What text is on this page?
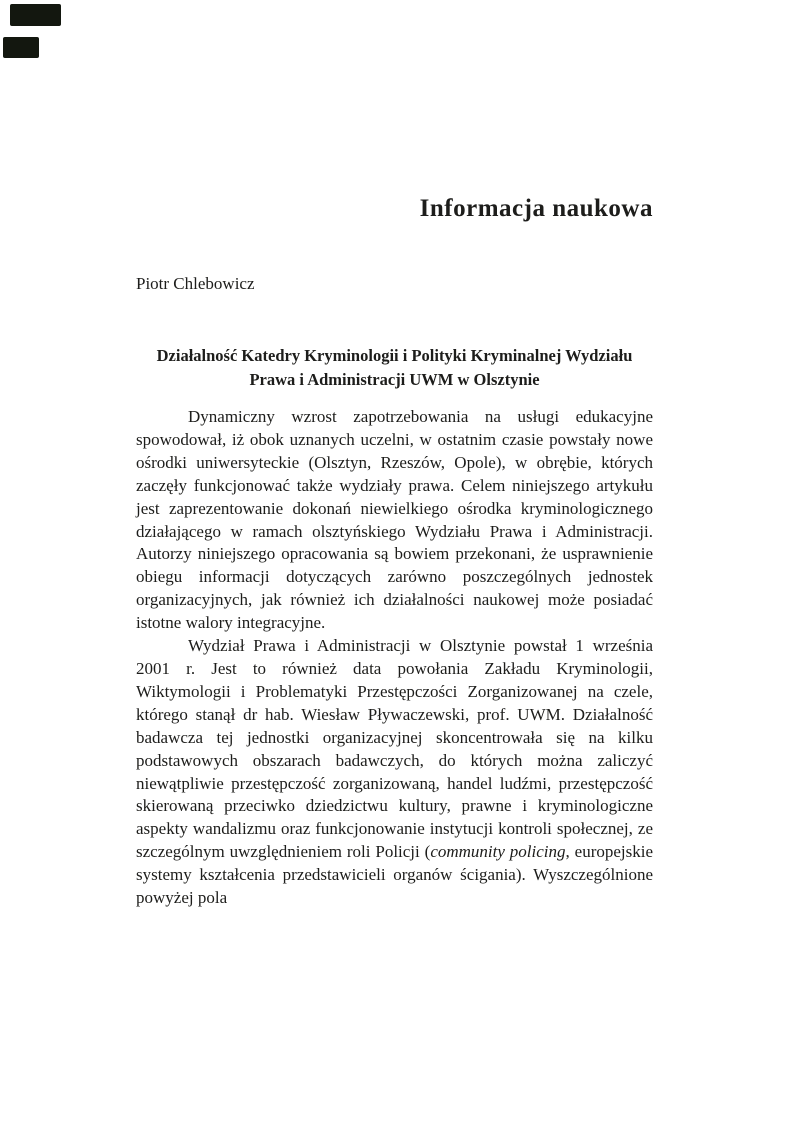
Informacja naukowa
Piotr Chlebowicz
Działalność Katedry Kryminologii i Polityki Kryminalnej Wydziału
Prawa i Administracji UWM w Olsztynie

Dynamiczny wzrost zapotrzebowania na usługi edukacyjne spowodował, iż obok uznanych uczelni, w ostatnim czasie powstały nowe ośrodki uniwersyteckie (Olsztyn, Rzeszów, Opole), w obrębie, których zaczęły funkcjonować także wydziały prawa. Celem niniejszego artykułu jest zaprezentowanie dokonań niewielkiego ośrodka kryminologicznego działającego w ramach olsztyńskiego Wydziału Prawa i Administracji. Autorzy niniejszego opracowania są bowiem przekonani, że usprawnienie obiegu informacji dotyczących zarówno poszczególnych jednostek organizacyjnych, jak również ich działalności naukowej może posiadać istotne walory integracyjne.

Wydział Prawa i Administracji w Olsztynie powstał 1 września 2001 r. Jest to również data powołania Zakładu Kryminologii, Wiktymologii i Problematyki Przestępczości Zorganizowanej na czele, którego stanął dr hab. Wiesław Pływaczewski, prof. UWM. Działalność badawcza tej jednostki organizacyjnej skoncentrowała się na kilku podstawowych obszarach badawczych, do których można zaliczyć niewątpliwie przestępczość zorganizowaną, handel ludźmi, przestępczość skierowaną przeciwko dziedzictwu kultury, prawne i kryminologiczne aspekty wandalizmu oraz funkcjonowanie instytucji kontroli społecznej, ze szczególnym uwzględnieniem roli Policji (community policing, europejskie systemy kształcenia przedstawicieli organów ścigania). Wyszczególnione powyżej pola
